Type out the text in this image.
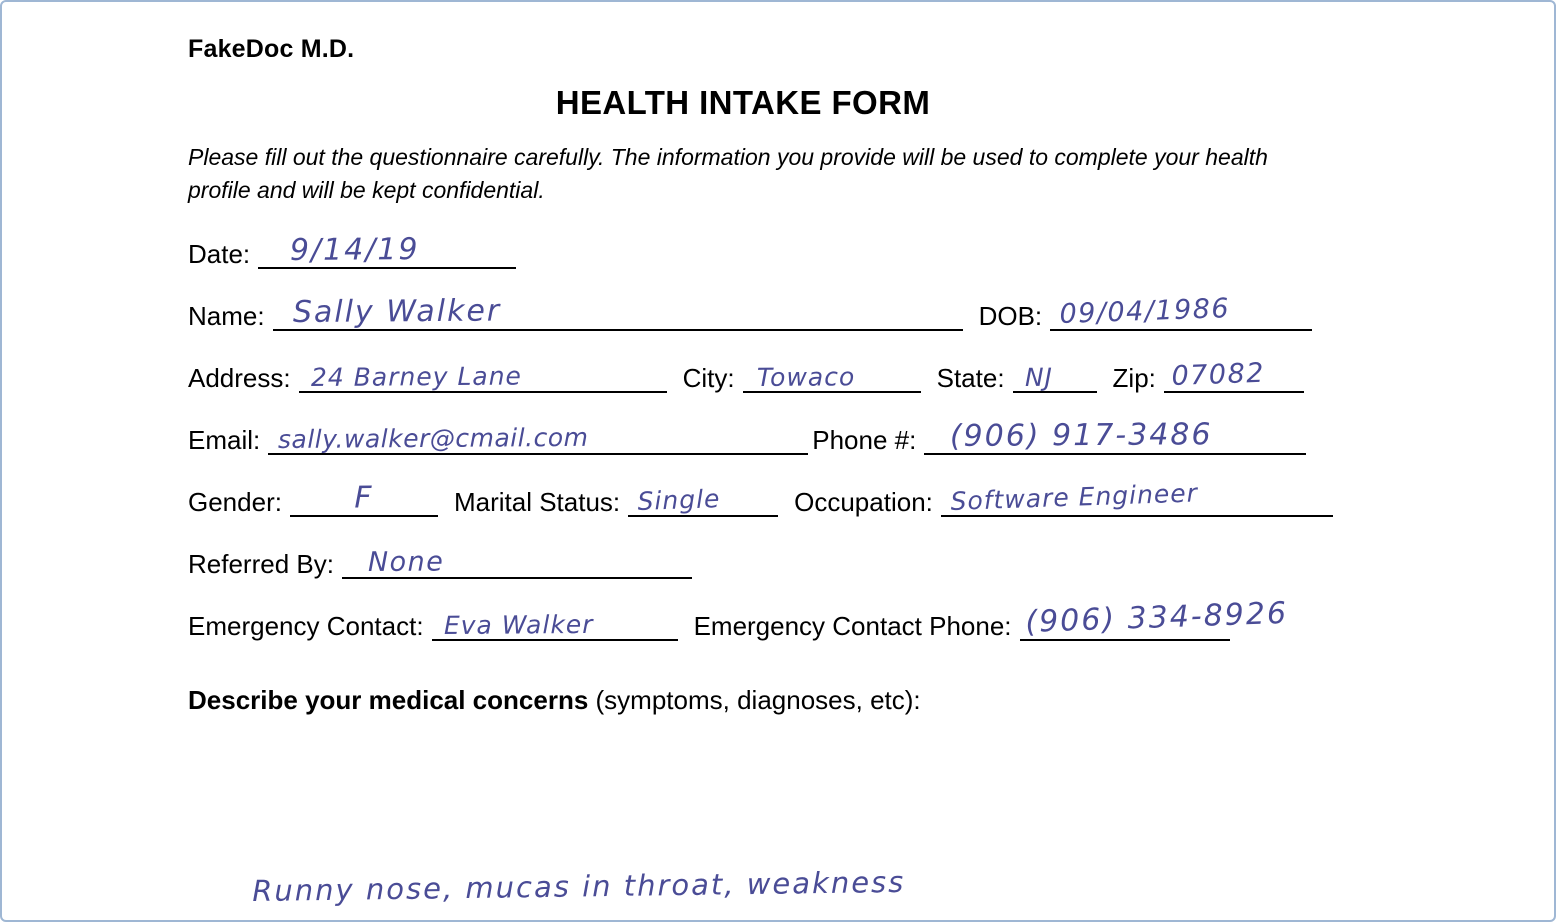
FakeDoc M.D.
HEALTH INTAKE FORM
Please fill out the questionnaire carefully. The information you provide will be used to complete your health profile and will be kept confidential.
Date: 9/14/19
Name: Sally Walker	DOB: 09/04/1986
Address: 24 Barney Lane	City: Towaco	State: NJ	Zip: 07082
Email: sally.walker@cmail.com	Phone #: (906) 917-3486
Gender:	F	Marital Status: Single	Occupation: Software Engineer
Referred By: None
Emergency Contact: Eva Walker	Emergency Contact Phone: (906) 334-8926
Describe your medical concerns (symptoms, diagnoses, etc):
Runny nose, mucas in throat, weakness
